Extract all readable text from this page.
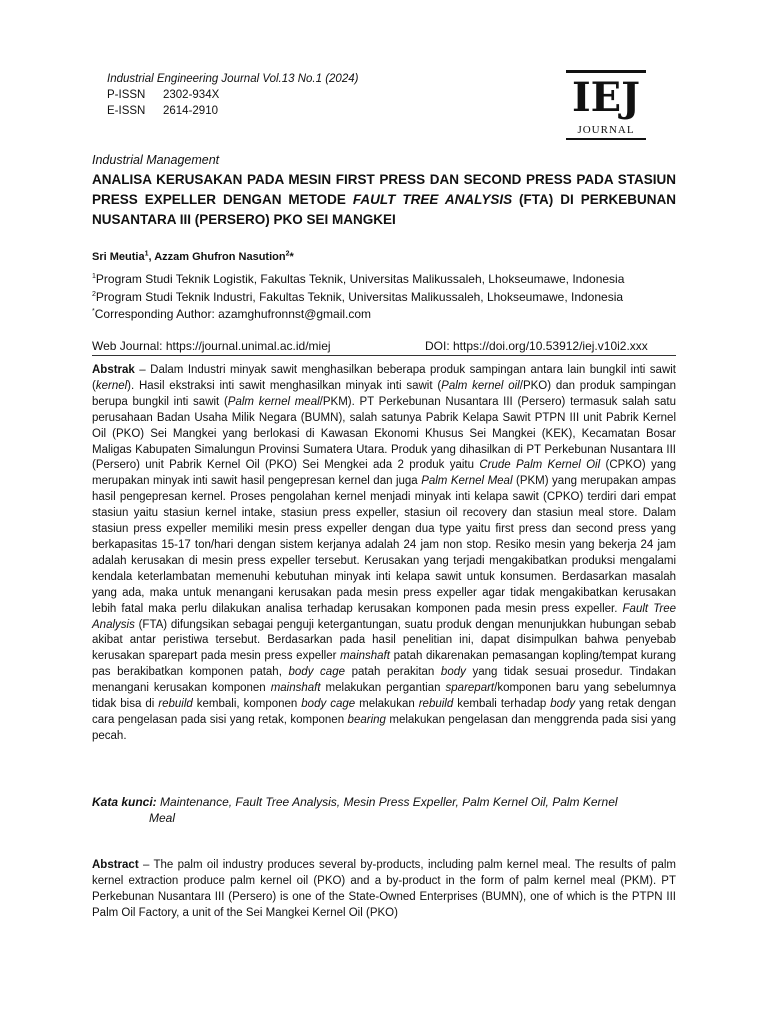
Industrial Engineering Journal Vol.13 No.1 (2024)
P-ISSN 2302-934X
E-ISSN 2614-2910	IEJ
JOURNAL
Industrial Management
ANALISA KERUSAKAN PADA MESIN FIRST PRESS DAN SECOND PRESS PADA STASIUN PRESS EXPELLER DENGAN METODE FAULT TREE ANALYSIS (FTA) DI PERKEBUNAN NUSANTARA III (PERSERO) PKO SEI MANGKEI
Sri Meutia$^1$, Azzam Ghufron Nasution$^2$*
$^1$Program Studi Teknik Logistik, Fakultas Teknik, Universitas Malikussaleh, Lhokseumawe, Indonesia
$^2$Program Studi Teknik Industri, Fakultas Teknik, Universitas Malikussaleh, Lhokseumawe, Indonesia
*Corresponding Author: azamghufronnst@gmail.com
Web Journal: https://journal.unimal.ac.id/miej	DOI: https://doi.org/10.53912/iej.v10i2.xxx
Abstrak – Dalam Industri minyak sawit menghasilkan beberapa produk sampingan antara lain bungkil inti sawit (kernel). Hasil ekstraksi inti sawit menghasilkan minyak inti sawit (Palm kernel oil/PKO) dan produk sampingan berupa bungkil inti sawit (Palm kernel meal/PKM). PT Perkebunan Nusantara III (Persero) termasuk salah satu perusahaan Badan Usaha Milik Negara (BUMN), salah satunya Pabrik Kelapa Sawit PTPN III unit Pabrik Kernel Oil (PKO) Sei Mangkei yang berlokasi di Kawasan Ekonomi Khusus Sei Mangkei (KEK), Kecamatan Bosar Maligas Kabupaten Simalungun Provinsi Sumatera Utara. Produk yang dihasilkan di PT Perkebunan Nusantara III (Persero) unit Pabrik Kernel Oil (PKO) Sei Mengkei ada 2 produk yaitu Crude Palm Kernel Oil (CPKO) yang merupakan minyak inti sawit hasil pengepresan kernel dan juga Palm Kernel Meal (PKM) yang merupakan ampas hasil pengepresan kernel. Proses pengolahan kernel menjadi minyak inti kelapa sawit (CPKO) terdiri dari empat stasiun yaitu stasiun kernel intake, stasiun press expeller, stasiun oil recovery dan stasiun meal store. Dalam stasiun press expeller memiliki mesin press expeller dengan dua type yaitu first press dan second press yang berkapasitas 15-17 ton/hari dengan sistem kerjanya adalah 24 jam non stop. Resiko mesin yang bekerja 24 jam adalah kerusakan di mesin press expeller tersebut. Kerusakan yang terjadi mengakibatkan produksi mengalami kendala keterlambatan memenuhi kebutuhan minyak inti kelapa sawit untuk konsumen. Berdasarkan masalah yang ada, maka untuk menangani kerusakan pada mesin press expeller agar tidak mengakibatkan kerusakan lebih fatal maka perlu dilakukan analisa terhadap kerusakan komponen pada mesin press expeller. Fault Tree Analysis (FTA) difungsikan sebagai penguji ketergantungan, suatu produk dengan menunjukkan hubungan sebab akibat antar peristiwa tersebut. Berdasarkan pada hasil penelitian ini, dapat disimpulkan bahwa penyebab kerusakan sparepart pada mesin press expeller mainshaft patah dikarenakan pemasangan kopling/tempat kurang pas berakibatkan komponen patah, body cage patah perakitan body yang tidak sesuai prosedur. Tindakan menangani kerusakan komponen mainshaft melakukan pergantian sparepart/komponen baru yang sebelumnya tidak bisa di rebuild kembali, komponen body cage melakukan rebuild kembali terhadap body yang retak dengan cara pengelasan pada sisi yang retak, komponen bearing melakukan pengelasan dan menggrenda pada sisi yang pecah.
Kata kunci: Maintenance, Fault Tree Analysis, Mesin Press Expeller, Palm Kernel Oil, Palm Kernel
Meal
Abstract – The palm oil industry produces several by-products, including palm kernel meal. The results of palm kernel extraction produce palm kernel oil (PKO) and a by-product in the form of palm kernel meal (PKM). PT Perkebunan Nusantara III (Persero) is one of the State-Owned Enterprises (BUMN), one of which is the PTPN III Palm Oil Factory, a unit of the Sei Mangkei Kernel Oil (PKO)
